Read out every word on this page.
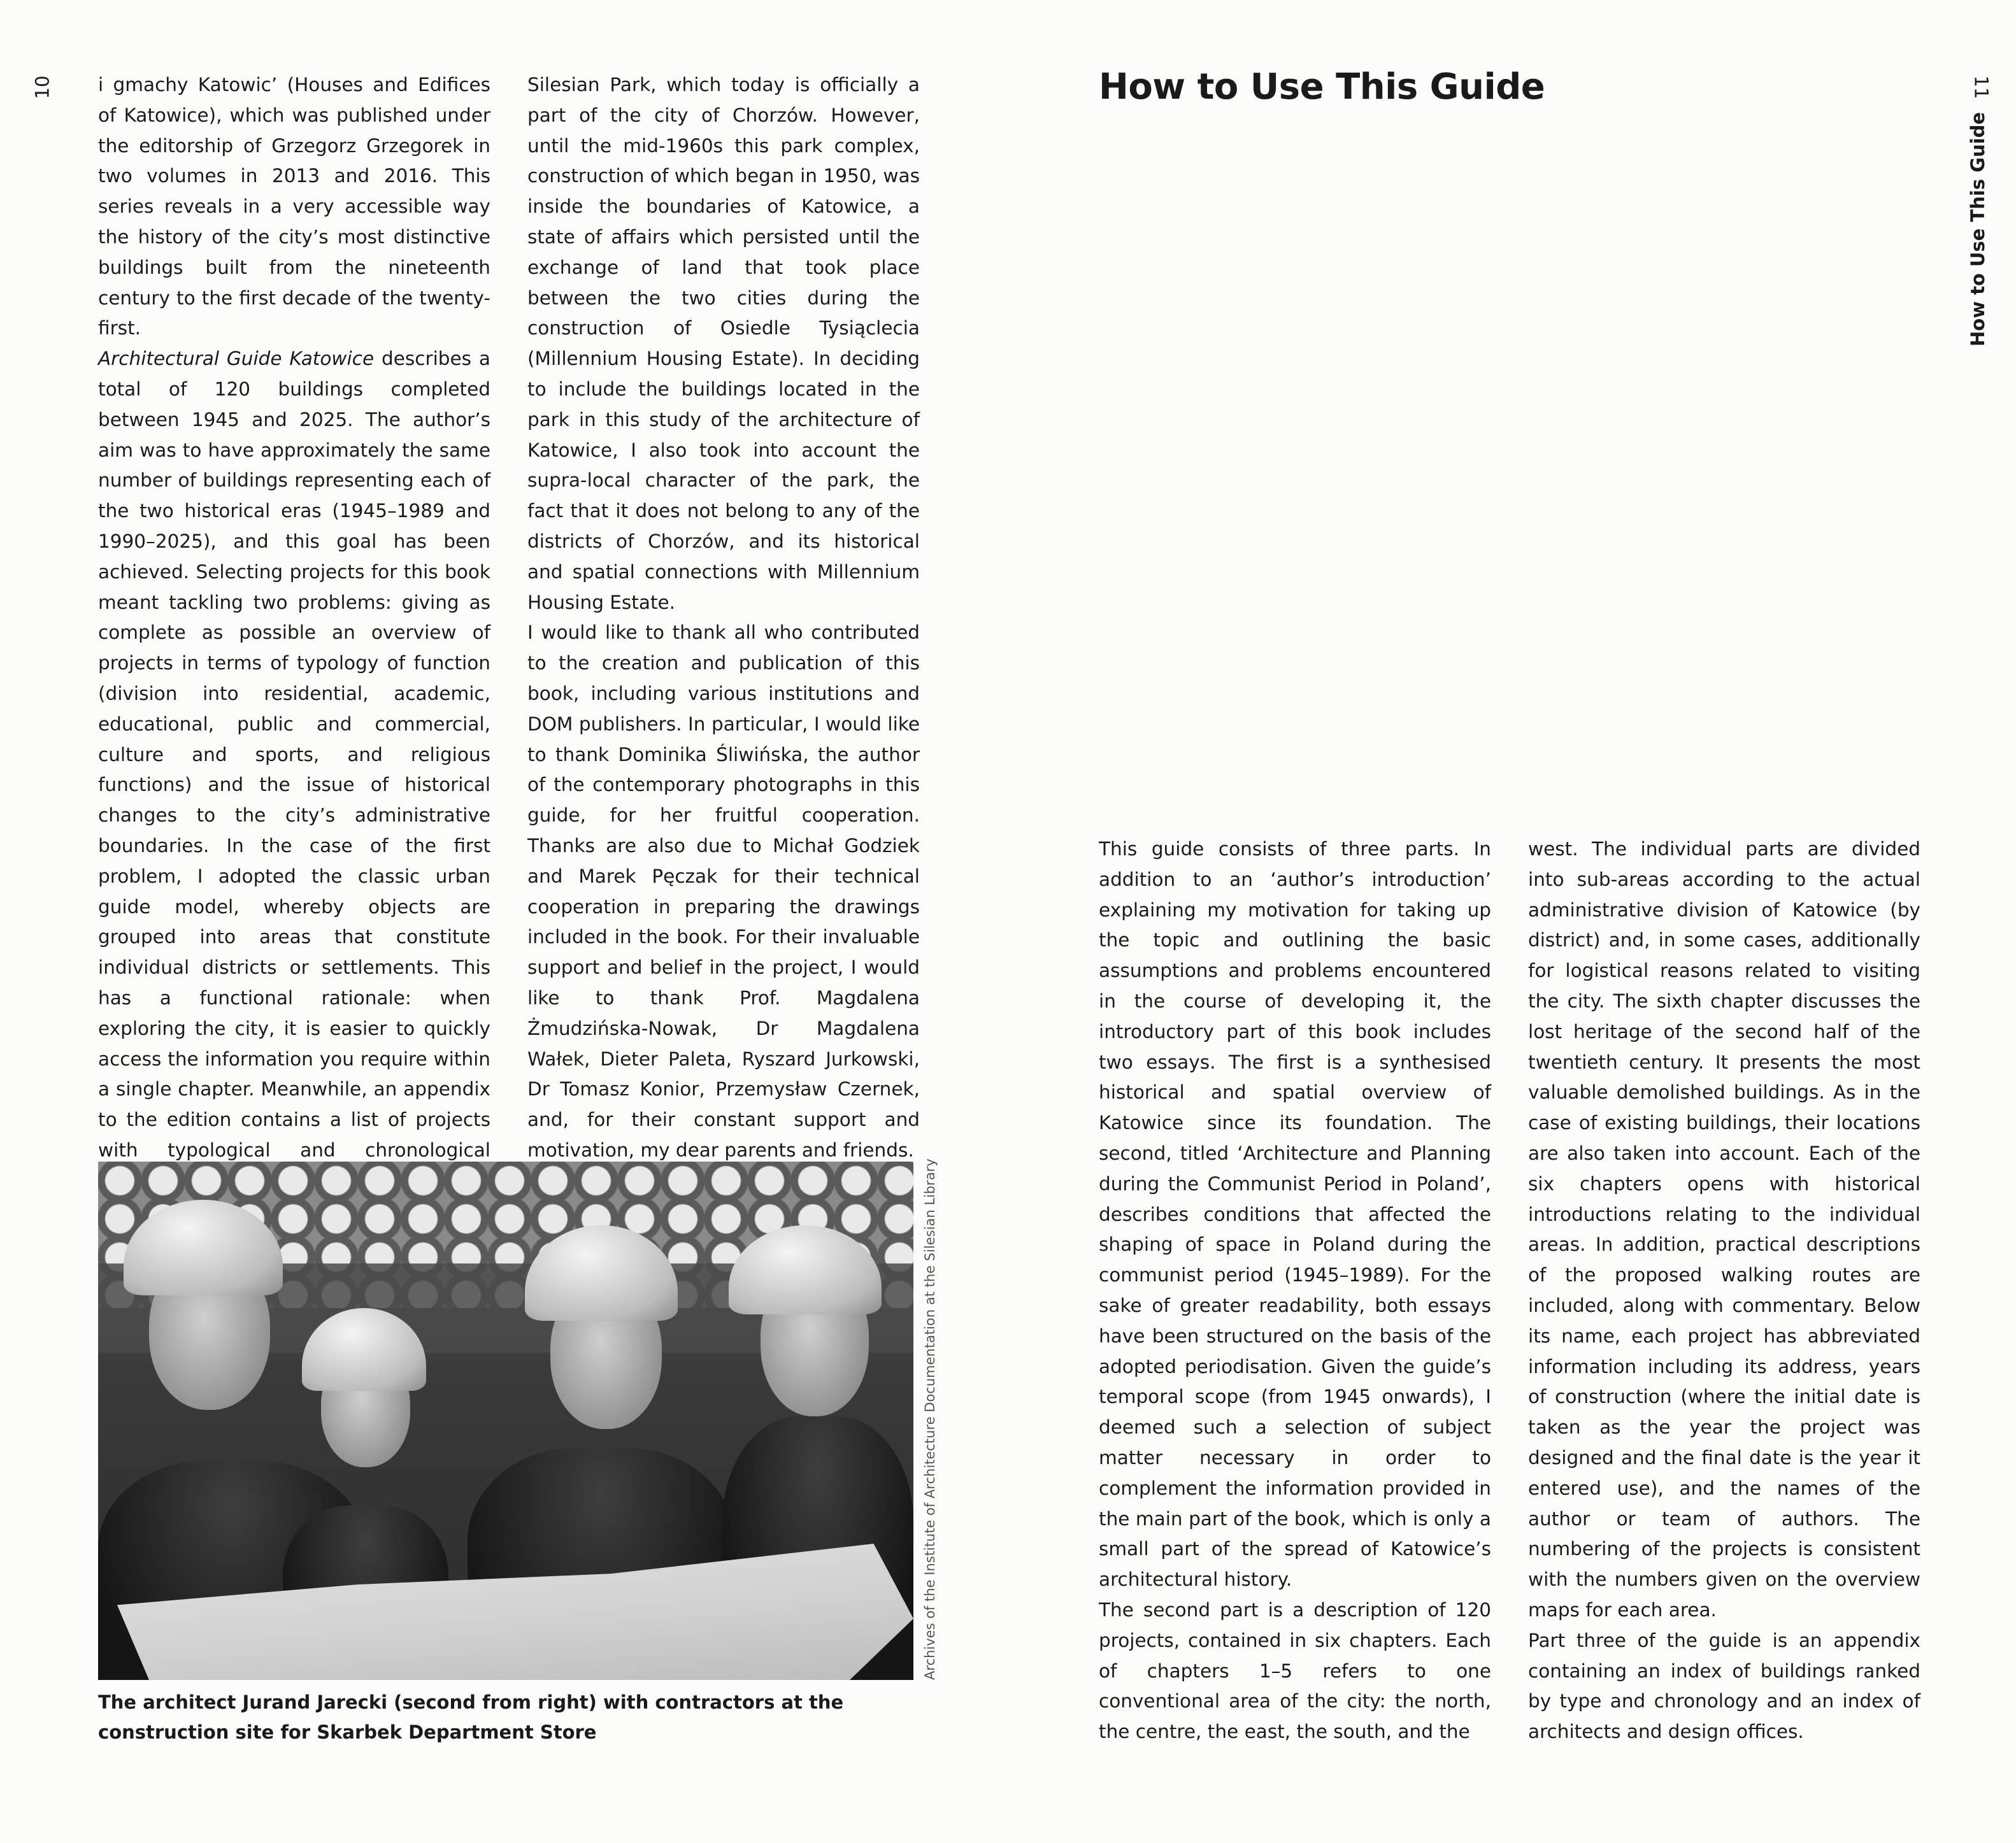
10 i gmachy Katowic’ (Houses and Edifices of Katowice), which was published under the editorship of Grzegorz Grzegorek in two volumes in 2013 and 2016. This series reveals in a very accessible way the history of the city’s most distinctive buildings built from the nineteenth century to the first decade of the twenty-first.

Architectural Guide Katowice describes a total of 120 buildings completed between 1945 and 2025. The author’s aim was to have approximately the same number of buildings representing each of the two historical eras (1945–1989 and 1990–2025), and this goal has been achieved. Selecting projects for this book meant tackling two problems: giving as complete as possible an overview of projects in terms of typology of function (division into residential, academic, educational, public and commercial, culture and sports, and religious functions) and the issue of historical changes to the city’s administrative boundaries. In the case of the first problem, I adopted the classic urban guide model, whereby objects are grouped into areas that constitute individual districts or settlements. This has a functional rationale: when exploring the city, it is easier to quickly access the information you require within a single chapter. Meanwhile, an appendix to the edition contains a list of projects with typological and chronological

Silesian Park, which today is officially a part of the city of Chorzów. However, until the mid-1960s this park complex, construction of which began in 1950, was inside the boundaries of Katowice, a state of affairs which persisted until the exchange of land that took place between the two cities during the construction of Osiedle Tysiąclecia (Millennium Housing Estate). In deciding to include the buildings located in the park in this study of the architecture of Katowice, I also took into account the supra-local character of the park, the fact that it does not belong to any of the districts of Chorzów, and its historical and spatial connections with Millennium Housing Estate.

I would like to thank all who contributed to the creation and publication of this book, including various institutions and DOM publishers. In particular, I would like to thank Dominika Śliwińska, the author of the contemporary photographs in this guide, for her fruitful cooperation. Thanks are also due to Michał Godziek and Marek Pęczak for their technical cooperation in preparing the drawings included in the book. For their invaluable support and belief in the project, I would like to thank Prof. Magdalena Żmudzińska-Nowak, Dr Magdalena Wałek, Dieter Paleta, Ryszard Jurkowski, Dr Tomasz Konior, Przemysław Czernek, and, for their constant support and motivation, my dear parents and friends.

Archives of the Institute of Architecture Documentation at the Silesian Library
The architect Jurand Jarecki (second from right) with contractors at the construction site for Skarbek Department Store
How to Use This Guide	11
How to Use This Guide

This guide consists of three parts. In addition to an ‘author’s introduction’ explaining my motivation for taking up the topic and outlining the basic assumptions and problems encountered in the course of developing it, the introductory part of this book includes two essays. The first is a synthesised historical and spatial overview of Katowice since its foundation. The second, titled ‘Architecture and Planning during the Communist Period in Poland’, describes conditions that affected the shaping of space in Poland during the communist period (1945–1989). For the sake of greater readability, both essays have been structured on the basis of the adopted periodisation. Given the guide’s temporal scope (from 1945 onwards), I deemed such a selection of subject matter necessary in order to complement the information provided in the main part of the book, which is only a small part of the spread of Katowice’s architectural history.

The second part is a description of 120 projects, contained in six chapters. Each of chapters 1–5 refers to one conventional area of the city: the north, the centre, the east, the south, and the

west. The individual parts are divided into sub-areas according to the actual administrative division of Katowice (by district) and, in some cases, additionally for logistical reasons related to visiting the city. The sixth chapter discusses the lost heritage of the second half of the twentieth century. It presents the most valuable demolished buildings. As in the case of existing buildings, their locations are also taken into account. Each of the six chapters opens with historical introductions relating to the individual areas. In addition, practical descriptions of the proposed walking routes are included, along with commentary. Below its name, each project has abbreviated information including its address, years of construction (where the initial date is taken as the year the project was designed and the final date is the year it entered use), and the names of the author or team of authors. The numbering of the projects is consistent with the numbers given on the overview maps for each area.

Part three of the guide is an appendix containing an index of buildings ranked by type and chronology and an index of architects and design offices.
